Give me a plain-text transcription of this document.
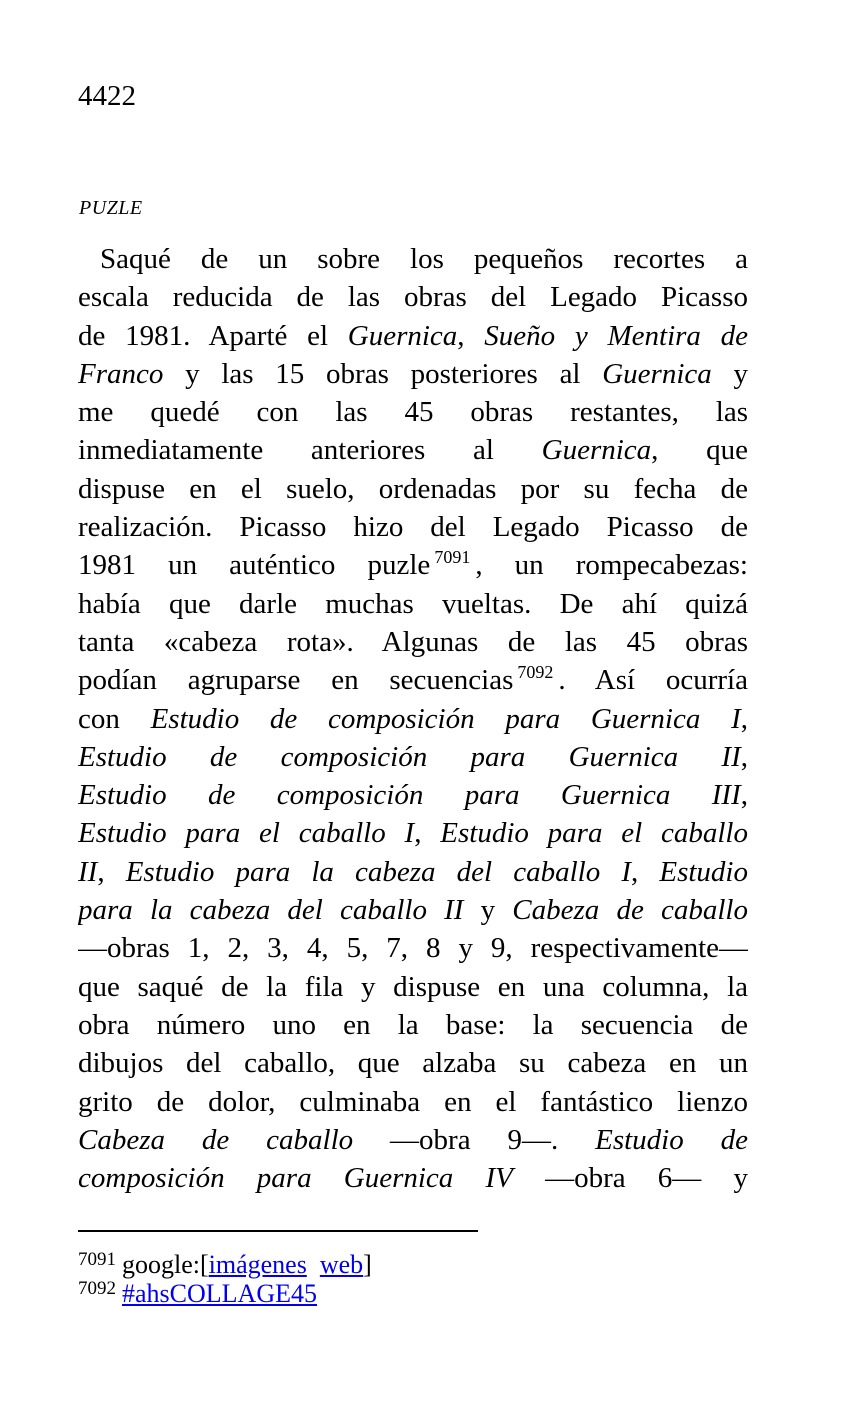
4422
PUZLE
Saqué de un sobre los pequeños recortes a
escala reducida de las obras del Legado Picasso
de 1981. Aparté el Guernica, Sueño y Mentira de
Franco y las 15 obras posteriores al Guernica y
me quedé con las 45 obras restantes, las
inmediatamente anteriores al Guernica, que
dispuse en el suelo, ordenadas por su fecha de
realización. Picasso hizo del Legado Picasso de
1981 un auténtico puzle $^{7091}$ , un rompecabezas:
había que darle muchas vueltas. De ahí quizá
tanta «cabeza rota». Algunas de las 45 obras
podían agruparse en secuencias $^{7092}$ . Así ocurría
con Estudio de composición para Guernica I,
Estudio de composición para Guernica II,
Estudio de composición para Guernica III,
Estudio para el caballo I, Estudio para el caballo
II, Estudio para la cabeza del caballo I, Estudio
para la cabeza del caballo II y Cabeza de caballo
—obras 1, 2, 3, 4, 5, 7, 8 y 9, respectivamente—
que saqué de la fila y dispuse en una columna, la
obra número uno en la base: la secuencia de
dibujos del caballo, que alzaba su cabeza en un
grito de dolor, culminaba en el fantástico lienzo
Cabeza de caballo —obra 9—. Estudio de
composición para Guernica IV —obra 6— y
7091 google:[imágenes web]
7092 #ahsCOLLAGE45
